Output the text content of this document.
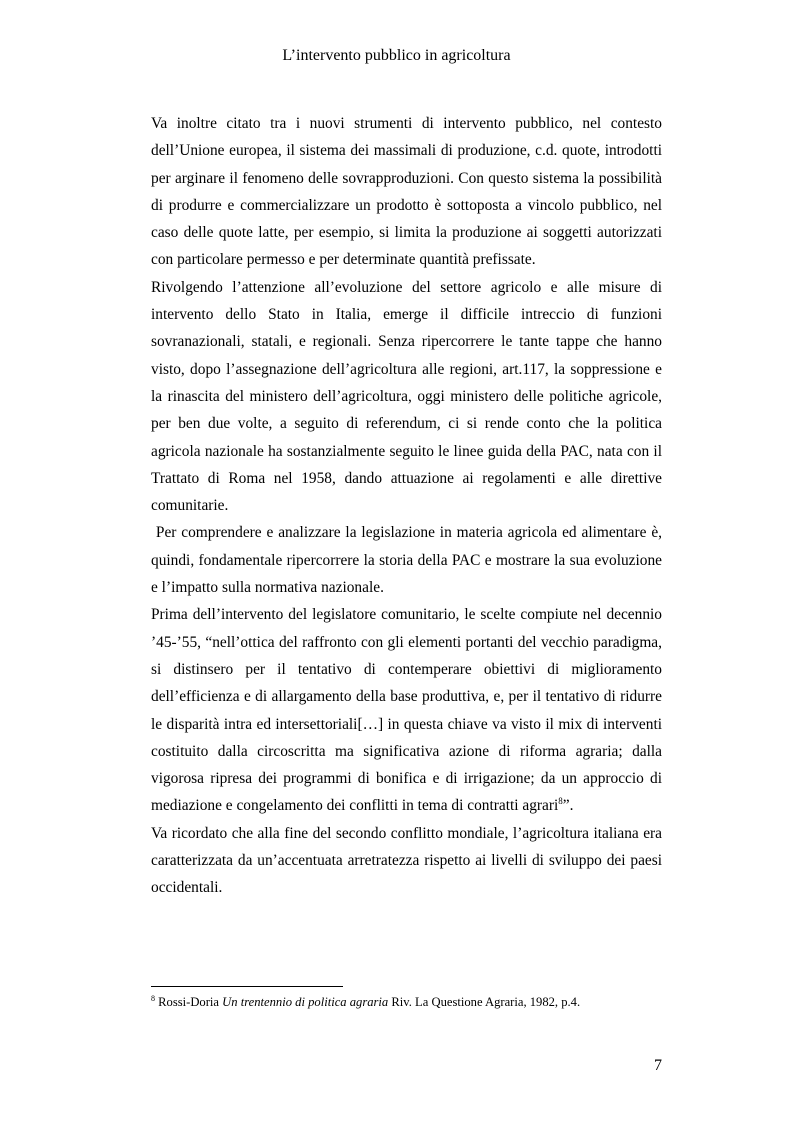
L’intervento pubblico in agricoltura

Va inoltre citato tra i nuovi strumenti di intervento pubblico, nel contesto dell’Unione europea, il sistema dei massimali di produzione, c.d. quote, introdotti per arginare il fenomeno delle sovrapproduzioni. Con questo sistema la possibilità di produrre e commercializzare un prodotto è sottoposta a vincolo pubblico, nel caso delle quote latte, per esempio, si limita la produzione ai soggetti autorizzati con particolare permesso e per determinate quantità prefissate.

Rivolgendo l’attenzione all’evoluzione del settore agricolo e alle misure di intervento dello Stato in Italia, emerge il difficile intreccio di funzioni sovranazionali, statali, e regionali. Senza ripercorrere le tante tappe che hanno visto, dopo l’assegnazione dell’agricoltura alle regioni, art.117, la soppressione e la rinascita del ministero dell’agricoltura, oggi ministero delle politiche agricole, per ben due volte, a seguito di referendum, ci si rende conto che la politica agricola nazionale ha sostanzialmente seguito le linee guida della PAC, nata con il Trattato di Roma nel 1958, dando attuazione ai regolamenti e alle direttive comunitarie.

Per comprendere e analizzare la legislazione in materia agricola ed alimentare è, quindi, fondamentale ripercorrere la storia della PAC e mostrare la sua evoluzione e l’impatto sulla normativa nazionale.

Prima dell’intervento del legislatore comunitario, le scelte compiute nel decennio ’45-’55, “nell’ottica del raffronto con gli elementi portanti del vecchio paradigma, si distinsero per il tentativo di contemperare obiettivi di miglioramento dell’efficienza e di allargamento della base produttiva, e, per il tentativo di ridurre le disparità intra ed intersettoriali[…] in questa chiave va visto il mix di interventi costituito dalla circoscritta ma significativa azione di riforma agraria; dalla vigorosa ripresa dei programmi di bonifica e di irrigazione; da un approccio di mediazione e congelamento dei conflitti in tema di contratti agrari$^8$”.

Va ricordato che alla fine del secondo conflitto mondiale, l’agricoltura italiana era caratterizzata da un’accentuata arretratezza rispetto ai livelli di sviluppo dei paesi occidentali.

$^8$ Rossi-Doria Un trentennio di politica agraria Riv. La Questione Agraria, 1982, p.4.
7
